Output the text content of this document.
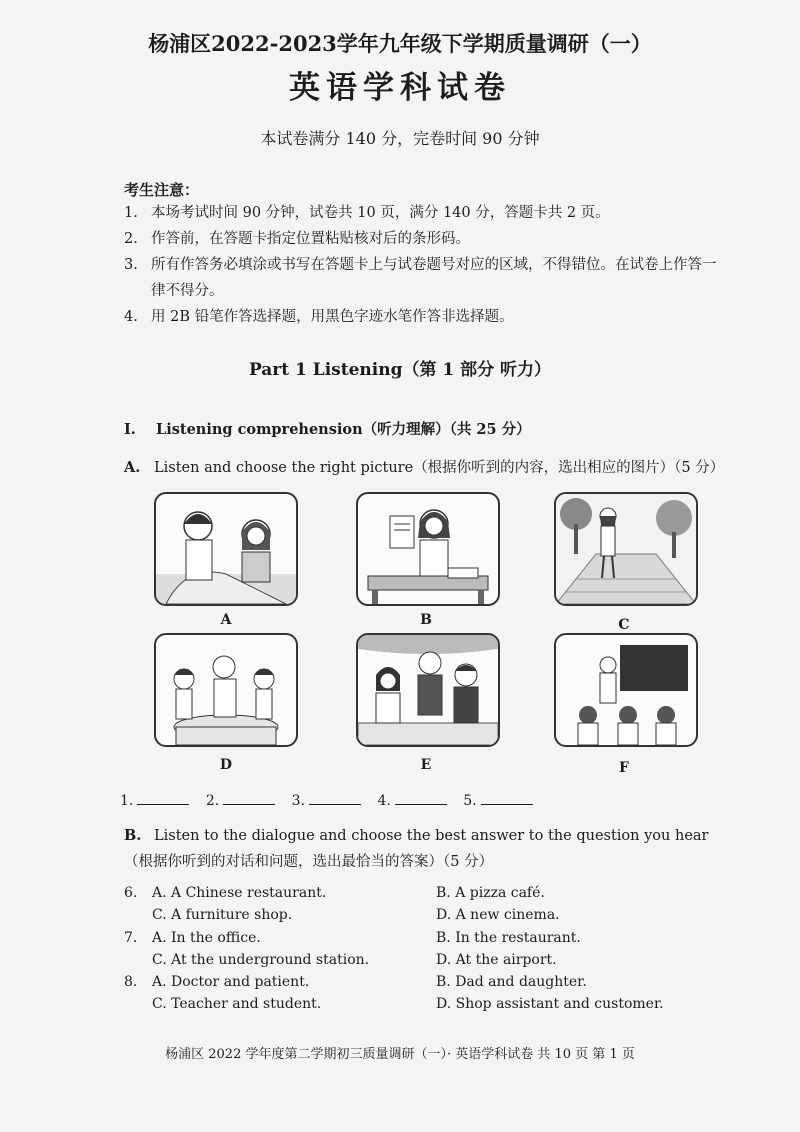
杨浦区2022-2023学年九年级下学期质量调研（一）
英语学科试卷
本试卷满分 140 分，完卷时间 90 分钟
考生注意：
1. 本场考试时间 90 分钟，试卷共 10 页，满分 140 分，答题卡共 2 页。
2. 作答前，在答题卡指定位置粘贴核对后的条形码。
3. 所有作答务必填涂或书写在答题卡上与试卷题号对应的区域，不得错位。在试卷上作答一律不得分。
4. 用 2B 铅笔作答选择题，用黑色字迹水笔作答非选择题。
Part 1 Listening（第 1 部分 听力）
I. Listening comprehension（听力理解）（共 25 分）
A. Listen and choose the right picture（根据你听到的内容，选出相应的图片）（5 分）
A	B	C
D	E	F
1.	2.	3.	4.	5.
B. Listen to the dialogue and choose the best answer to the question you hear（根据你听到的对话和问题，选出最恰当的答案）（5 分）
6. A. A Chinese restaurant.	B. A pizza café.
C. A furniture shop.	D. A new cinema.
7. A. In the office.	B. In the restaurant.
C. At the underground station.	D. At the airport.
8. A. Doctor and patient.	B. Dad and daughter.
C. Teacher and student.	D. Shop assistant and customer.
杨浦区 2022 学年度第二学期初三质量调研（一）· 英语学科试卷 共 10 页 第 1 页
